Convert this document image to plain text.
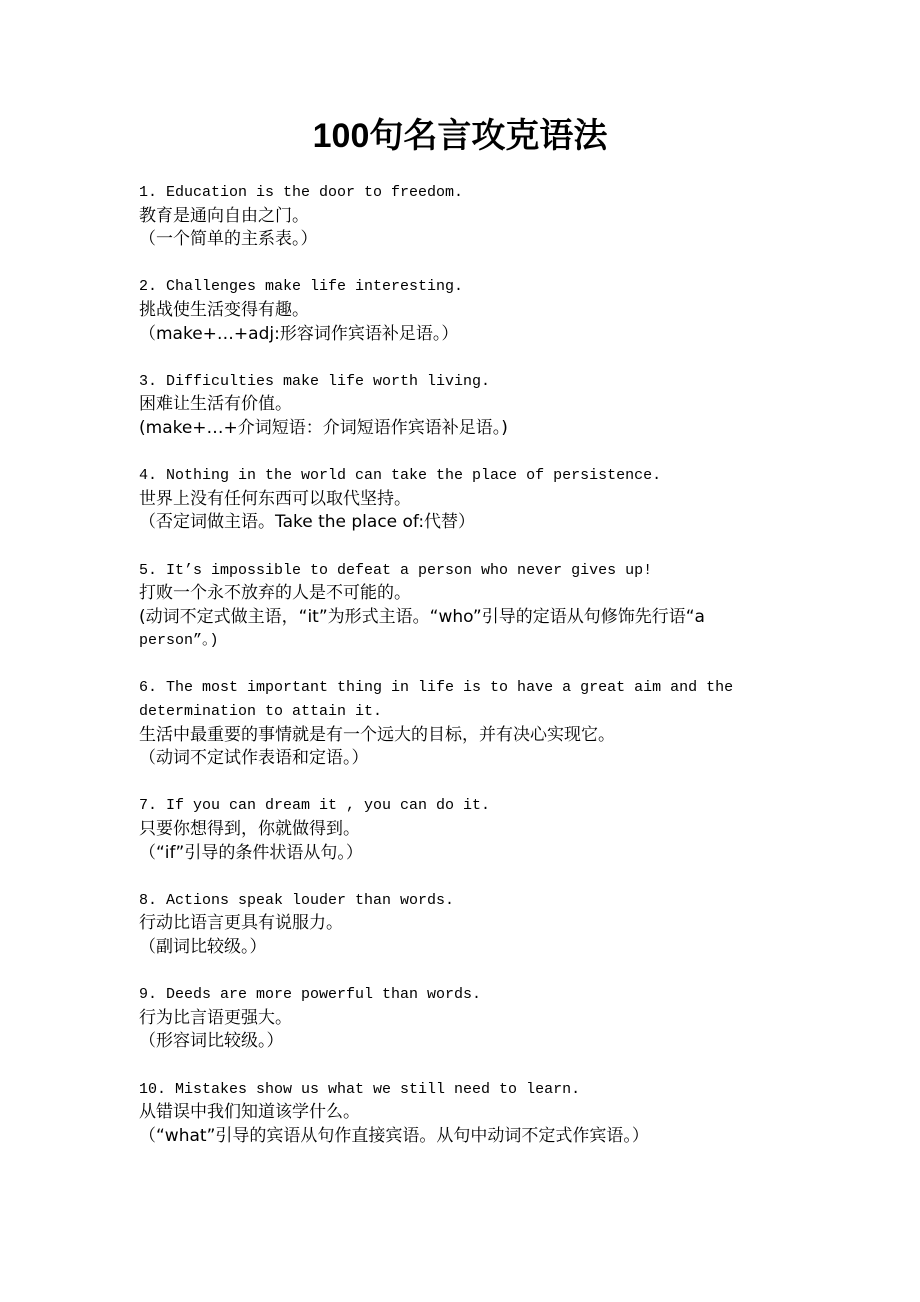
100句名言攻克语法
1. Education is the door to freedom.
教育是通向自由之门。
（一个简单的主系表。）
2. Challenges make life interesting.
挑战使生活变得有趣。
（make+…+adj:形容词作宾语补足语。）
3. Difficulties make life worth living.
困难让生活有价值。
(make+…+介词短语：介词短语作宾语补足语。)
4. Nothing in the world can take the place of persistence.
世界上没有任何东西可以取代坚持。
（否定词做主语。Take the place of:代替）
5. It’s impossible to defeat a person who never gives up!
打败一个永不放弃的人是不可能的。
(动词不定式做主语，“it”为形式主语。“who”引导的定语从句修饰先行语“a
person”。)
6. The most important thing in life is to have a great aim and the
determination to attain it.
生活中最重要的事情就是有一个远大的目标，并有决心实现它。
（动词不定试作表语和定语。）
7. If you can dream it , you can do it.
只要你想得到，你就做得到。
（“if”引导的条件状语从句。）
8. Actions speak louder than words.
行动比语言更具有说服力。
（副词比较级。）
9. Deeds are more powerful than words.
行为比言语更强大。
（形容词比较级。）
10. Mistakes show us what we still need to learn.
从错误中我们知道该学什么。
（“what”引导的宾语从句作直接宾语。从句中动词不定式作宾语。）
